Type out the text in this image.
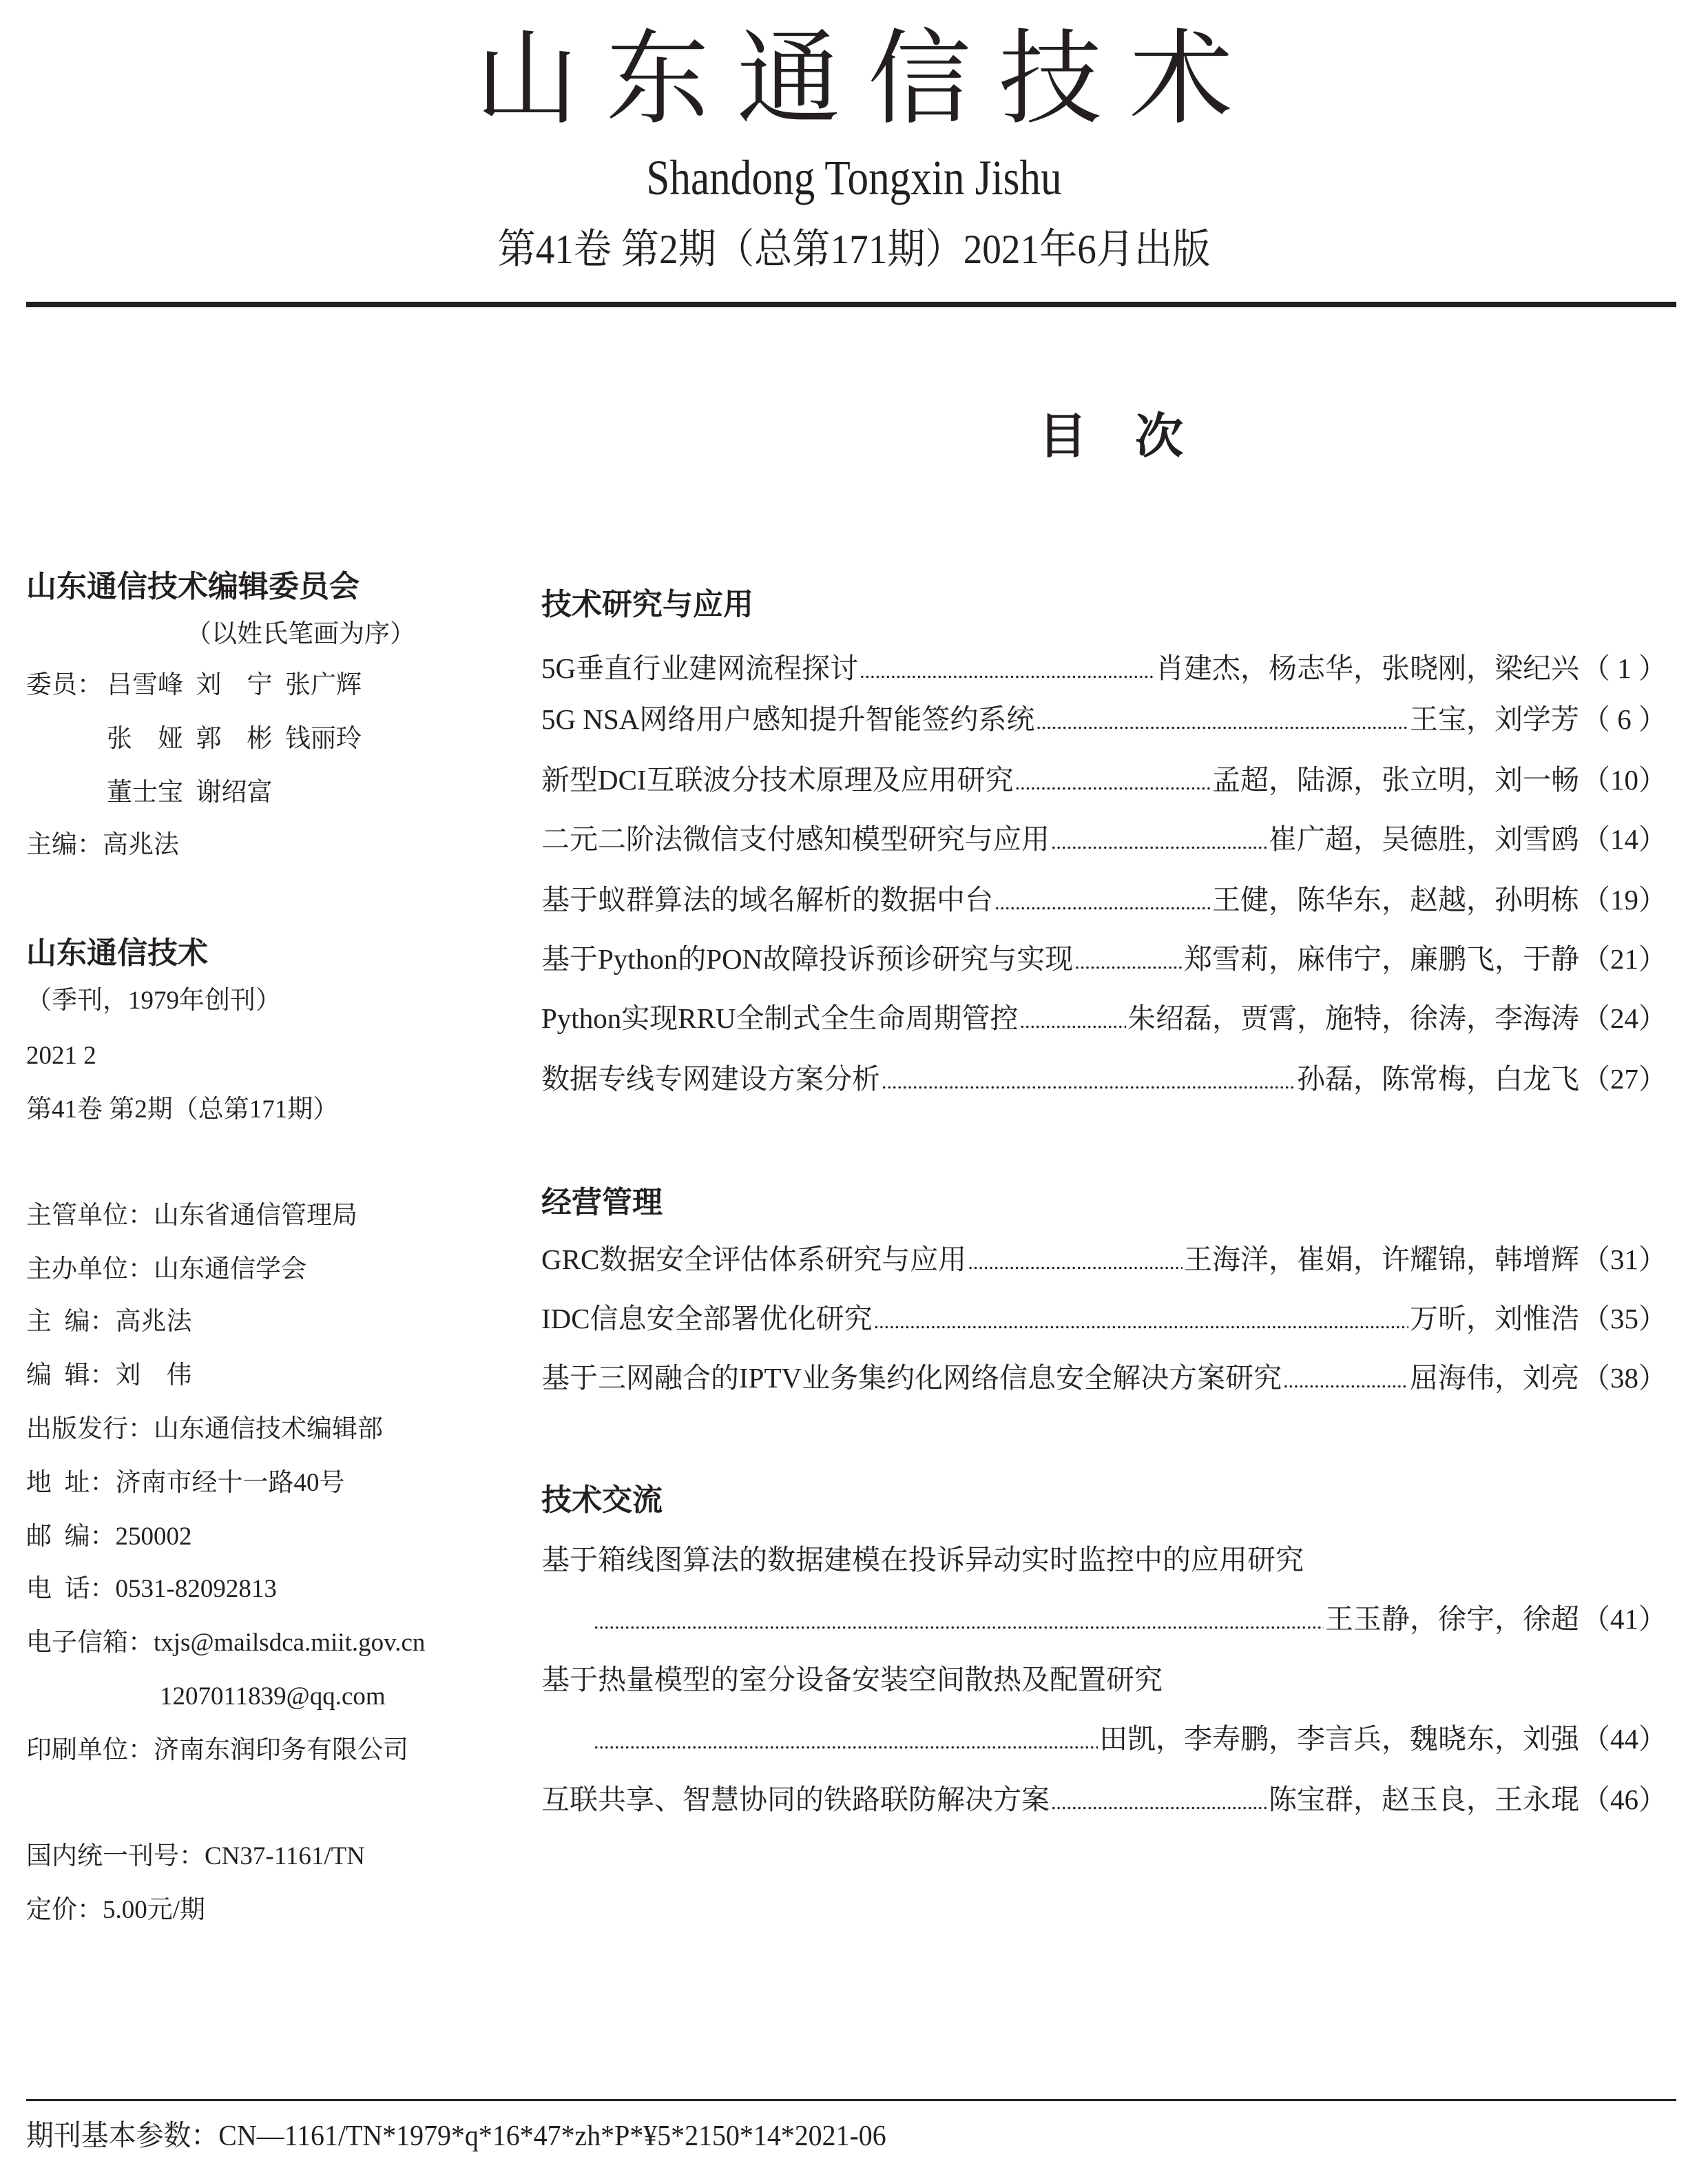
山东通信技术
Shandong Tongxin Jishu
第41卷 第2期（总第171期）2021年6月出版
目次
山东通信技术编辑委员会
（以姓氏笔画为序）
委员： 吕雪峰  刘    宁  张广辉
张    娅  郭    彬  钱丽玲
董士宝  谢绍富
主编：高兆法
山东通信技术
（季刊，1979年创刊）
2021 2
第41卷 第2期（总第171期）
主管单位：山东省通信管理局
主办单位：山东通信学会
主  编：高兆法
编  辑：刘    伟
出版发行：山东通信技术编辑部
地  址：济南市经十一路40号
邮  编：250002
电  话：0531-82092813
电子信箱：txjs@mailsdca.miit.gov.cn
1207011839@qq.com
印刷单位：济南东润印务有限公司
国内统一刊号：CN37-1161/TN
定价：5.00元/期
技术研究与应用
5G垂直行业建网流程探讨 .....	肖建杰，杨志华，张晓刚，梁纪兴 （ 1 ）
5G NSA网络用户感知提升智能签约系统 .....	王宝，刘学芳 （ 6 ）
新型DCI互联波分技术原理及应用研究 .....	孟超，陆源，张立明，刘一畅 （10）
二元二阶法微信支付感知模型研究与应用 .....	崔广超，吴德胜，刘雪鸥 （14）
基于蚁群算法的域名解析的数据中台 .....	王健，陈华东，赵越，孙明栋 （19）
基于Python的PON故障投诉预诊研究与实现 .....	郑雪莉，麻伟宁，廉鹏飞，于静 （21）
Python实现RRU全制式全生命周期管控 .....	朱绍磊，贾霄，施特，徐涛，李海涛 （24）
数据专线专网建设方案分析 .....	孙磊，陈常梅，白龙飞 （27）
经营管理
GRC数据安全评估体系研究与应用 .....	王海洋，崔娟，许耀锦，韩增辉 （31）
IDC信息安全部署优化研究 .....	万昕，刘惟浩 （35）
基于三网融合的IPTV业务集约化网络信息安全解决方案研究 .....	屈海伟，刘亮 （38）
技术交流
基于箱线图算法的数据建模在投诉异动实时监控中的应用研究
.....
王玉静，徐宇，徐超 （41）
基于热量模型的室分设备安装空间散热及配置研究
.....
田凯，李寿鹏，李言兵，魏晓东，刘强 （44）
互联共享、智慧协同的铁路联防解决方案 .....	陈宝群，赵玉良，王永琨 （46）
期刊基本参数：CN—1161/TN*1979*q*16*47*zh*P*¥5*2150*14*2021-06
